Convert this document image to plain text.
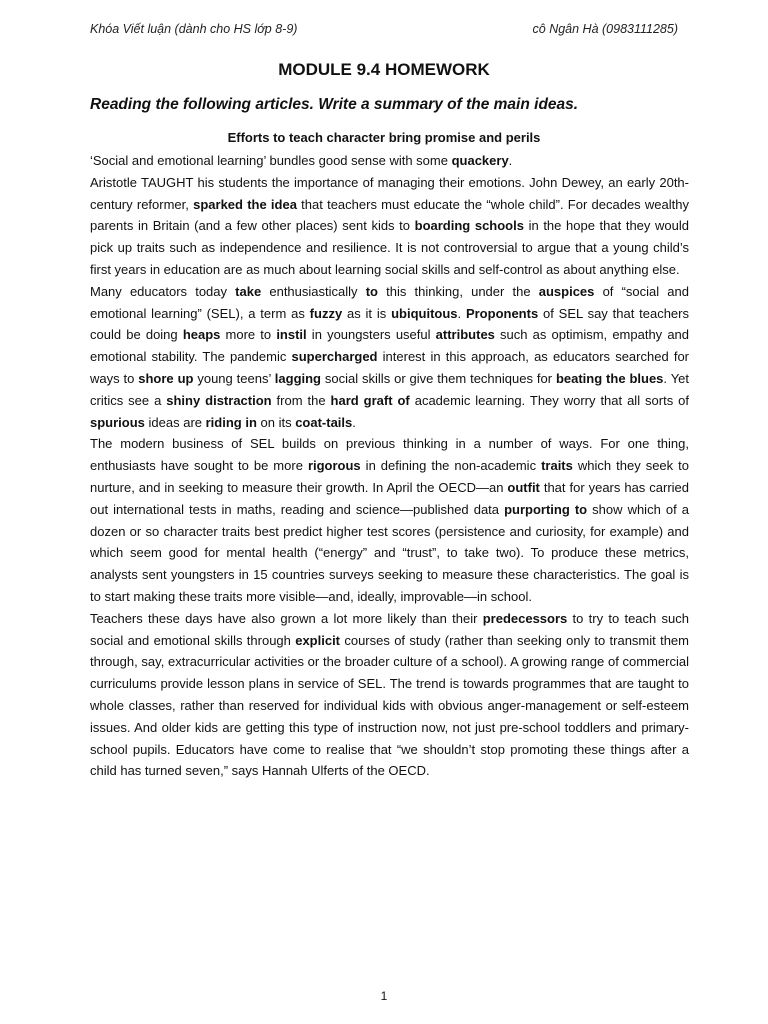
Khóa Viết luận (dành cho HS lớp 8-9)	cô Ngân Hà (0983111285)
MODULE 9.4 HOMEWORK
Reading the following articles. Write a summary of the main ideas.
Efforts to teach character bring promise and perils

‘Social and emotional learning’ bundles good sense with some quackery.

Aristotle TAUGHT his students the importance of managing their emotions. John Dewey, an early 20th-century reformer, sparked the idea that teachers must educate the “whole child”. For decades wealthy parents in Britain (and a few other places) sent kids to boarding schools in the hope that they would pick up traits such as independence and resilience. It is not controversial to argue that a young child’s first years in education are as much about learning social skills and self-control as about anything else.

Many educators today take enthusiastically to this thinking, under the auspices of “social and emotional learning” (SEL), a term as fuzzy as it is ubiquitous. Proponents of SEL say that teachers could be doing heaps more to instil in youngsters useful attributes such as optimism, empathy and emotional stability. The pandemic supercharged interest in this approach, as educators searched for ways to shore up young teens’ lagging social skills or give them techniques for beating the blues. Yet critics see a shiny distraction from the hard graft of academic learning. They worry that all sorts of spurious ideas are riding in on its coat-tails.

The modern business of SEL builds on previous thinking in a number of ways. For one thing, enthusiasts have sought to be more rigorous in defining the non-academic traits which they seek to nurture, and in seeking to measure their growth. In April the OECD—an outfit that for years has carried out international tests in maths, reading and science—published data purporting to show which of a dozen or so character traits best predict higher test scores (persistence and curiosity, for example) and which seem good for mental health (“energy” and “trust”, to take two). To produce these metrics, analysts sent youngsters in 15 countries surveys seeking to measure these characteristics. The goal is to start making these traits more visible—and, ideally, improvable—in school.

Teachers these days have also grown a lot more likely than their predecessors to try to teach such social and emotional skills through explicit courses of study (rather than seeking only to transmit them through, say, extracurricular activities or the broader culture of a school). A growing range of commercial curriculums provide lesson plans in service of SEL. The trend is towards programmes that are taught to whole classes, rather than reserved for individual kids with obvious anger-management or self-esteem issues. And older kids are getting this type of instruction now, not just pre-school toddlers and primary-school pupils. Educators have come to realise that “we shouldn’t stop promoting these things after a child has turned seven,” says Hannah Ulferts of the OECD.

1
